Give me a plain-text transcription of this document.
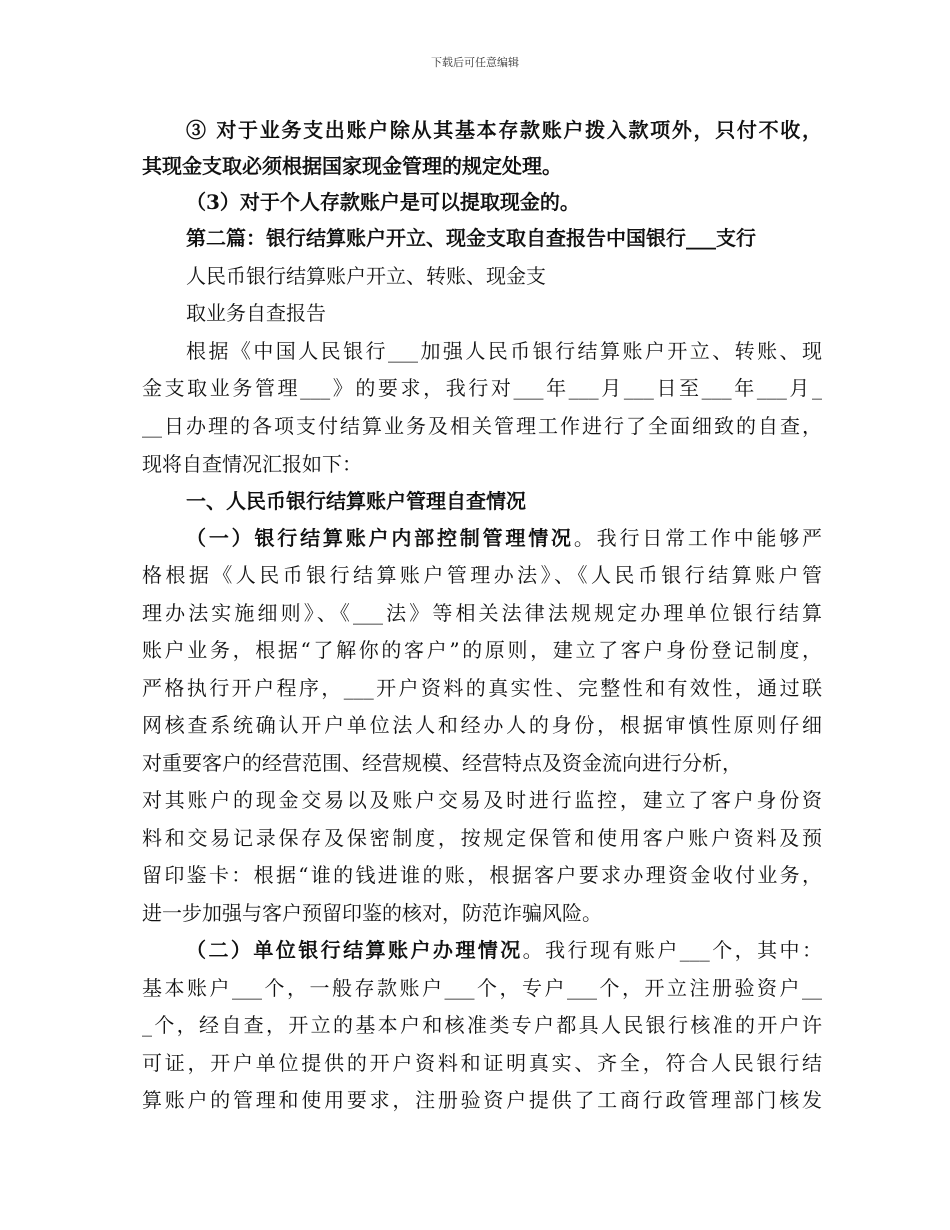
下载后可任意编辑
③ 对于业务支出账户除从其基本存款账户拨入款项外，只付不收，
其现金支取必须根据国家现金管理的规定处理。
（3）对于个人存款账户是可以提取现金的。
第二篇：银行结算账户开立、现金支取自查报告中国银行___支行
人民币银行结算账户开立、转账、现金支
取业务自查报告
根据《中国人民银行___加强人民币银行结算账户开立、转账、现
金支取业务管理___》的要求，我行对___年___月___日至___年___月_
__日办理的各项支付结算业务及相关管理工作进行了全面细致的自查，
现将自查情况汇报如下：
一、人民币银行结算账户管理自查情况
（一）银行结算账户内部控制管理情况。我行日常工作中能够严
格根据《人民币银行结算账户管理办法》、《人民币银行结算账户管
理办法实施细则》、《___法》等相关法律法规规定办理单位银行结算
账户业务，根据“了解你的客户”的原则，建立了客户身份登记制度，
严格执行开户程序，___开户资料的真实性、完整性和有效性，通过联
网核查系统确认开户单位法人和经办人的身份，根据审慎性原则仔细
对重要客户的经营范围、经营规模、经营特点及资金流向进行分析，
对其账户的现金交易以及账户交易及时进行监控，建立了客户身份资
料和交易记录保存及保密制度，按规定保管和使用客户账户资料及预
留印鉴卡：根据“谁的钱进谁的账，根据客户要求办理资金收付业务，
进一步加强与客户预留印鉴的核对，防范诈骗风险。
（二）单位银行结算账户办理情况。我行现有账户___个，其中：
基本账户___个，一般存款账户___个，专户___个，开立注册验资户__
_个，经自查，开立的基本户和核准类专户都具人民银行核准的开户许
可证，开户单位提供的开户资料和证明真实、齐全，符合人民银行结
算账户的管理和使用要求，注册验资户提供了工商行政管理部门核发
